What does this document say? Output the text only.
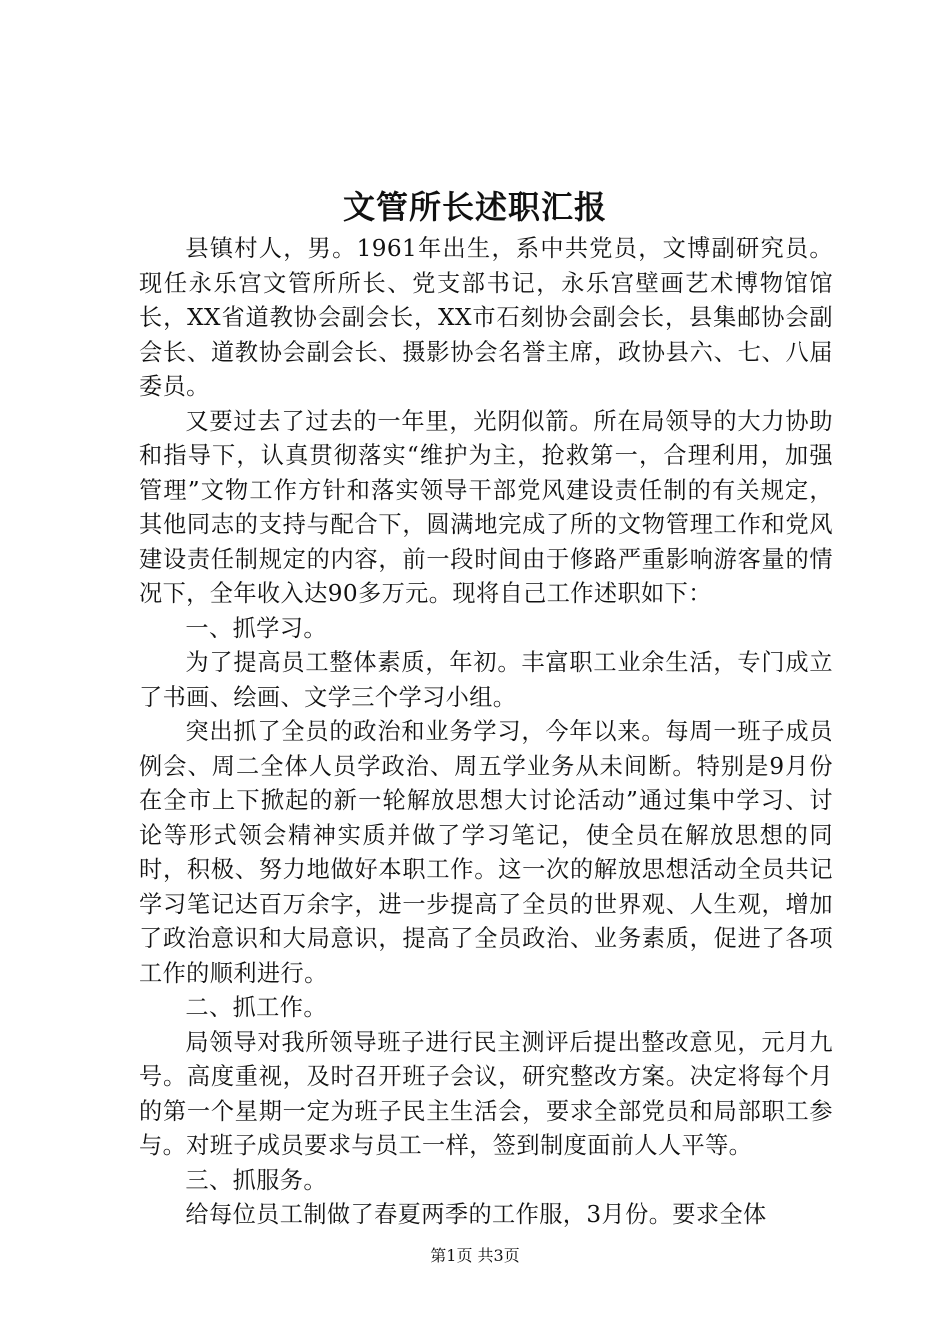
文管所长述职汇报

县镇村人，男。1961年出生，系中共党员，文博副研究员。现任永乐宫文管所所长、党支部书记，永乐宫壁画艺术博物馆馆长，XX省道教协会副会长，XX市石刻协会副会长，县集邮协会副会长、道教协会副会长、摄影协会名誉主席，政协县六、七、八届委员。

又要过去了过去的一年里，光阴似箭。所在局领导的大力协助和指导下，认真贯彻落实“维护为主，抢救第一，合理利用，加强管理”文物工作方针和落实领导干部党风建设责任制的有关规定，其他同志的支持与配合下，圆满地完成了所的文物管理工作和党风建设责任制规定的内容，前一段时间由于修路严重影响游客量的情况下，全年收入达90多万元。现将自己工作述职如下：

一、抓学习。

为了提高员工整体素质，年初。丰富职工业余生活，专门成立了书画、绘画、文学三个学习小组。

突出抓了全员的政治和业务学习，今年以来。每周一班子成员例会、周二全体人员学政治、周五学业务从未间断。特别是9月份在全市上下掀起的新一轮解放思想大讨论活动”通过集中学习、讨论等形式领会精神实质并做了学习笔记，使全员在解放思想的同时，积极、努力地做好本职工作。这一次的解放思想活动全员共记学习笔记达百万余字，进一步提高了全员的世界观、人生观，增加了政治意识和大局意识，提高了全员政治、业务素质，促进了各项工作的顺利进行。

二、抓工作。

局领导对我所领导班子进行民主测评后提出整改意见，元月九号。高度重视，及时召开班子会议，研究整改方案。决定将每个月的第一个星期一定为班子民主生活会，要求全部党员和局部职工参与。对班子成员要求与员工一样，签到制度面前人人平等。

三、抓服务。

给每位员工制做了春夏两季的工作服，3月份。要求全体

第1页 共3页
